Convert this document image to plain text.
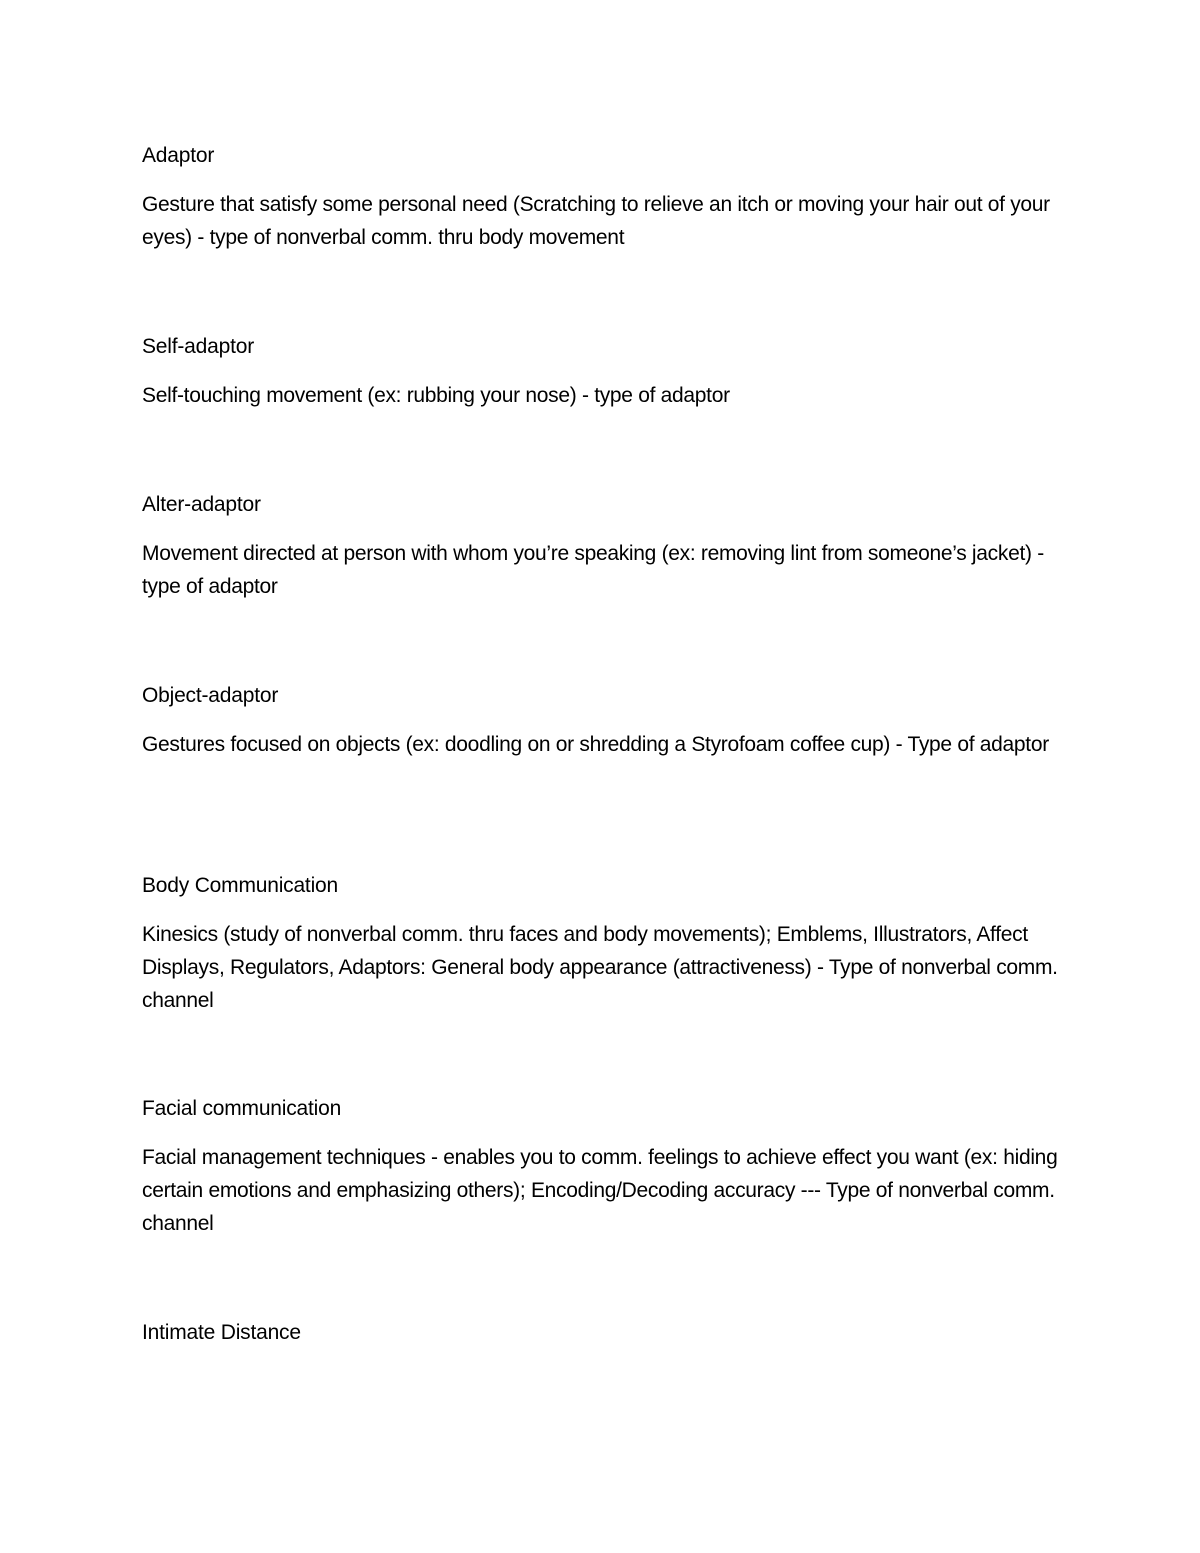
Adaptor

Gesture that satisfy some personal need (Scratching to relieve an itch or moving your hair out of your eyes) - type of nonverbal comm. thru body movement

Self-adaptor

Self-touching movement (ex: rubbing your nose) - type of adaptor

Alter-adaptor

Movement directed at person with whom you’re speaking (ex: removing lint from someone’s jacket) - type of adaptor

Object-adaptor

Gestures focused on objects (ex: doodling on or shredding a Styrofoam coffee cup) - Type of adaptor

Body Communication

Kinesics (study of nonverbal comm. thru faces and body movements); Emblems, Illustrators, Affect Displays, Regulators, Adaptors: General body appearance (attractiveness) - Type of nonverbal comm. channel

Facial communication

Facial management techniques - enables you to comm. feelings to achieve effect you want (ex: hiding certain emotions and emphasizing others); Encoding/Decoding accuracy --- Type of nonverbal comm. channel

Intimate Distance
